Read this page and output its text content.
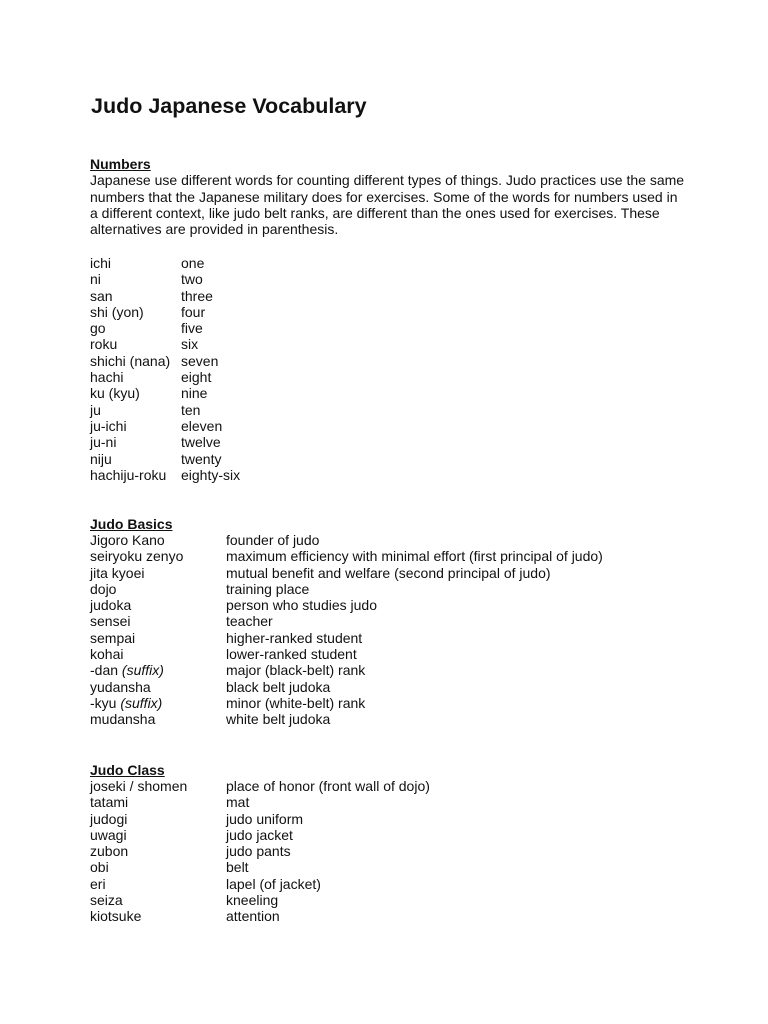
Judo Japanese Vocabulary
Numbers
Japanese use different words for counting different types of things. Judo practices use the same
numbers that the Japanese military does for exercises. Some of the words for numbers used in
a different context, like judo belt ranks, are different than the ones used for exercises. These
alternatives are provided in parenthesis.
ichi	one
ni	two
san	three
shi (yon)	four
go	five
roku	six
shichi (nana) seven
hachi	eight
ku (kyu)	nine
ju	ten
ju-ichi	eleven
ju-ni	twelve
niju	twenty
hachiju-roku	eighty-six
Judo Basics
Jigoro Kano	founder of judo
seiryoku zenyo	maximum efficiency with minimal effort (first principal of judo)
jita kyoei	mutual benefit and welfare (second principal of judo)
dojo	training place
judoka	person who studies judo
sensei	teacher
sempai	higher-ranked student
kohai	lower-ranked student
-dan (suffix)	major (black-belt) rank
yudansha	black belt judoka
-kyu (suffix)	minor (white-belt) rank
mudansha	white belt judoka
Judo Class
joseki / shomen	place of honor (front wall of dojo)
tatami	mat
judogi	judo uniform
uwagi	judo jacket
zubon	judo pants
obi	belt
eri	lapel (of jacket)
seiza	kneeling
kiotsuke	attention
